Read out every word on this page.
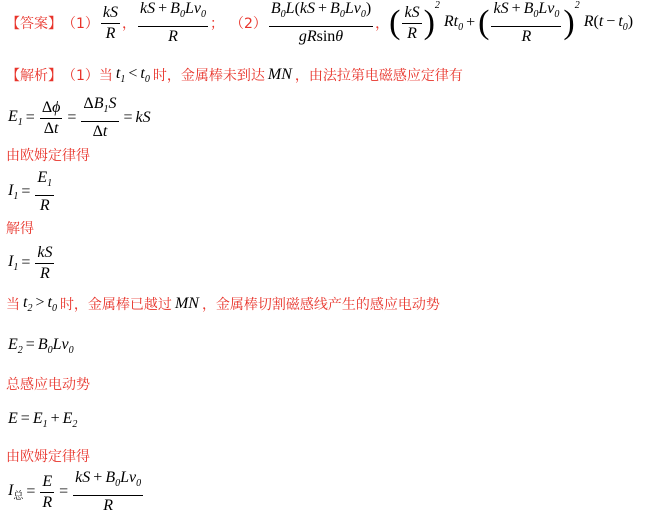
【答案】 $(1) \frac{kS}{R}$ ， $\frac{kS + B_0Lv_0}{R}$ ； $(2) \frac{B_0L(kS + B_0Lv_0)}{gRsin\theta}$ ， ( $\frac{kS}{R} )^2$
$Rt_0$ + ( $\frac{kS + B_0Lv_0}{R} )^2$
$R(t - t_0)$
【解析】 （1）当 $t_1 < t_0$ 时，金属棒未到达 MN ，由法拉第电磁感应定律有
$E_1 = \frac{\Delta\phi}{\Delta t} = \frac{\Delta B_1S}{\Delta t}$ = kS
由欧姆定律得
$I_1 = \frac{E_1}{R}$
解得
$I_1 = \frac{kS}{R}$
当 $t_2 > t_0$ 时，金属棒已越过 MN ，金属棒切割磁感线产生的感应电动势
$E_2 = B_0Lv_0$
总感应电动势
$E = E_1 + E_2$
由欧姆定律得
$I_总 = \frac{E}{R} = \frac{kS + B_0Lv_0}{R}$
